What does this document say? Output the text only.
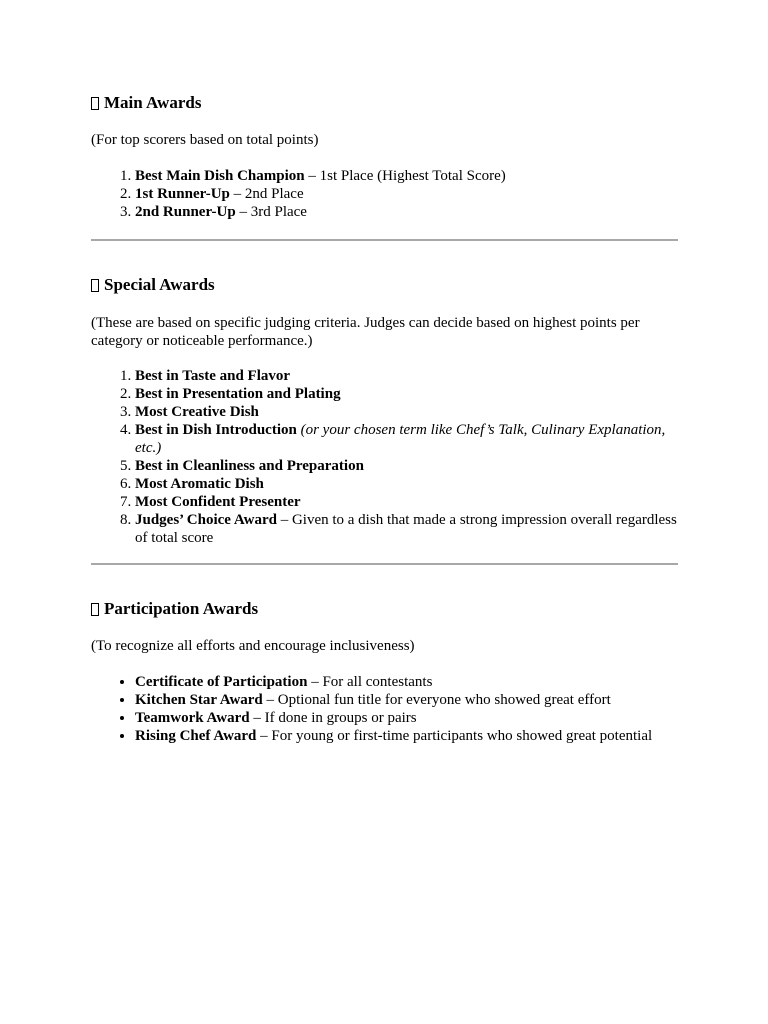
Main Awards

(For top scorers based on total points)

1. Best Main Dish Champion – 1st Place (Highest Total Score)
2. 1st Runner-Up – 2nd Place
3. 2nd Runner-Up – 3rd Place
Special Awards

(These are based on specific judging criteria. Judges can decide based on highest points per category or noticeable performance.)

1. Best in Taste and Flavor
2. Best in Presentation and Plating
3. Most Creative Dish
4. Best in Dish Introduction (or your chosen term like Chef’s Talk, Culinary Explanation, etc.)
5. Best in Cleanliness and Preparation
6. Most Aromatic Dish
7. Most Confident Presenter
8. Judges’ Choice Award – Given to a dish that made a strong impression overall regardless of total score
Participation Awards

(To recognize all efforts and encourage inclusiveness)

• Certificate of Participation – For all contestants
• Kitchen Star Award – Optional fun title for everyone who showed great effort
• Teamwork Award – If done in groups or pairs
• Rising Chef Award – For young or first-time participants who showed great potential
